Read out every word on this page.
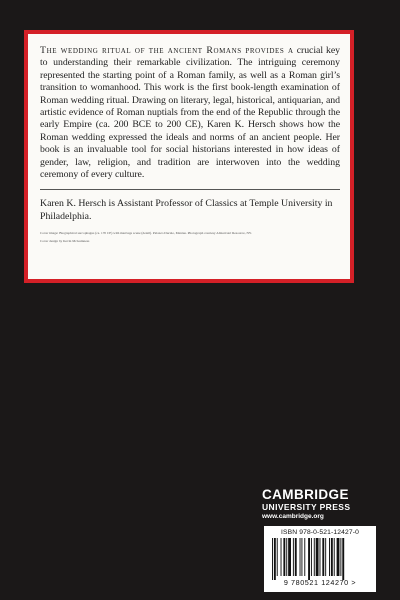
The wedding ritual of the ancient Romans provides a crucial key to understanding their remarkable civilization. The intriguing ceremony represented the starting point of a Roman family, as well as a Roman girl’s transition to womanhood. This work is the first book-length examination of Roman wedding ritual. Drawing on literary, legal, historical, antiquarian, and artistic evidence of Roman nuptials from the end of the Republic through the early Empire (ca. 200 BCE to 200 CE), Karen K. Hersch shows how the Roman wedding expressed the ideals and norms of an ancient people. Her book is an invaluable tool for social historians interested in how ideas of gender, law, religion, and tradition are interwoven into the wedding ceremony of every culture.

Karen K. Hersch is Assistant Professor of Classics at Temple University in Philadelphia.

Cover image: Biographical sarcophagus (ca. 170 CE) with marriage scene (detail). Palazzo Ducale, Mantua. Photograph courtesy Alinari/Art Resource, NY.

Cover design by Kevin McGuinness

CAMBRIDGE
UNIVERSITY PRESS
www.cambridge.org
ISBN 978-0-521-12427-0
9 780521 124270 >
